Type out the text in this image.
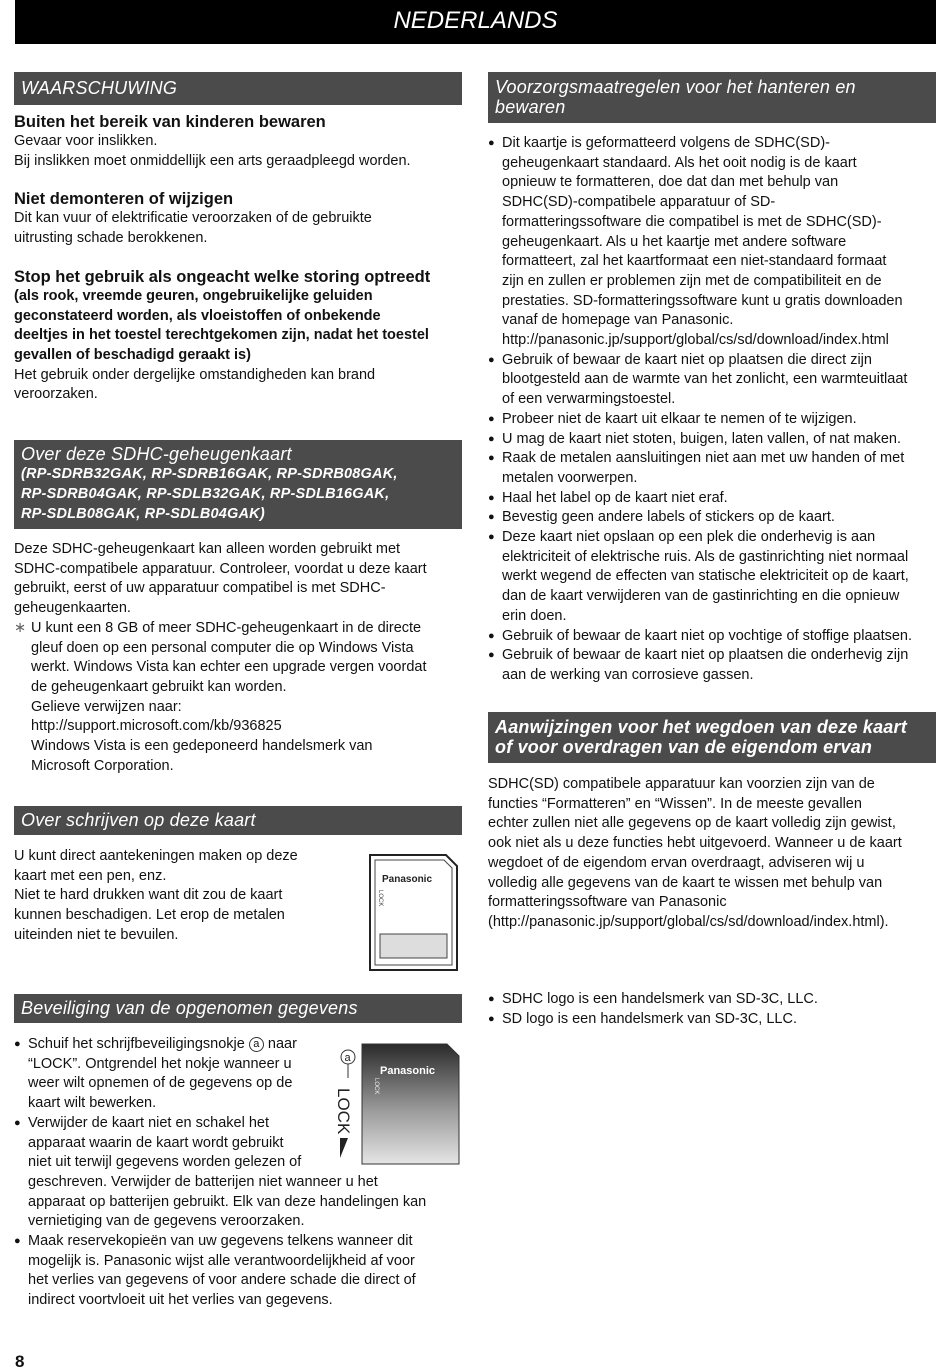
NEDERLANDS
WAARSCHUWING
Buiten het bereik van kinderen bewaren
Gevaar voor inslikken.
Bij inslikken moet onmiddellijk een arts geraadpleegd worden.
Niet demonteren of wijzigen
Dit kan vuur of elektrificatie veroorzaken of de gebruikte
uitrusting schade berokkenen.
Stop het gebruik als ongeacht welke storing optreedt
(als rook, vreemde geuren, ongebruikelijke geluiden
geconstateerd worden, als vloeistoffen of onbekende
deeltjes in het toestel terechtgekomen zijn, nadat het toestel
gevallen of beschadigd geraakt is)
Het gebruik onder dergelijke omstandigheden kan brand
veroorzaken.
Over deze SDHC-geheugenkaart
(RP-SDRB32GAK, RP-SDRB16GAK, RP-SDRB08GAK,
RP-SDRB04GAK, RP-SDLB32GAK, RP-SDLB16GAK,
RP-SDLB08GAK, RP-SDLB04GAK)
Deze SDHC-geheugenkaart kan alleen worden gebruikt met
SDHC-compatibele apparatuur. Controleer, voordat u deze kaart
gebruikt, eerst of uw apparatuur compatibel is met SDHC-
geheugenkaarten.
∗ U kunt een 8 GB of meer SDHC-geheugenkaart in de directe
gleuf doen op een personal computer die op Windows Vista
werkt. Windows Vista kan echter een upgrade vergen voordat
de geheugenkaart gebruikt kan worden.
Gelieve verwijzen naar:
http://support.microsoft.com/kb/936825
Windows Vista is een gedeponeerd handelsmerk van
Microsoft Corporation.
Over schrijven op deze kaart
U kunt direct aantekeningen maken op deze
kaart met een pen, enz.
Niet te hard drukken want dit zou de kaart
kunnen beschadigen. Let erop de metalen
uiteinden niet te bevuilen.
Panasonic
LOCK
Beveiliging van de opgenomen gegevens
● Schuif het schrijfbeveiligingsnokje a naar
“LOCK”. Ontgrendel het nokje wanneer u
weer wilt opnemen of de gegevens op de
kaart wilt bewerken.
● Verwijder de kaart niet en schakel het
apparaat waarin de kaart wordt gebruikt
niet uit terwijl gegevens worden gelezen of
geschreven. Verwijder de batterijen niet wanneer u het
apparaat op batterijen gebruikt. Elk van deze handelingen kan
vernietiging van de gegevens veroorzaken.
● Maak reservekopieën van uw gegevens telkens wanneer dit
mogelijk is. Panasonic wijst alle verantwoordelijkheid af voor
het verlies van gegevens of voor andere schade die direct of
indirect voortvloeit uit het verlies van gegevens.
Panasonic
LOCK
a
LOCK
Voorzorgsmaatregelen voor het hanteren en
bewaren
● Dit kaartje is geformatteerd volgens de SDHC(SD)-
geheugenkaart standaard. Als het ooit nodig is de kaart
opnieuw te formatteren, doe dat dan met behulp van
SDHC(SD)-compatibele apparatuur of SD-
formatteringssoftware die compatibel is met de SDHC(SD)-
geheugenkaart. Als u het kaartje met andere software
formatteert, zal het kaartformaat een niet-standaard formaat
zijn en zullen er problemen zijn met de compatibiliteit en de
prestaties. SD-formatteringssoftware kunt u gratis downloaden
vanaf de homepage van Panasonic.
http://panasonic.jp/support/global/cs/sd/download/index.html
● Gebruik of bewaar de kaart niet op plaatsen die direct zijn
blootgesteld aan de warmte van het zonlicht, een warmteuitlaat
of een verwarmingstoestel.
● Probeer niet de kaart uit elkaar te nemen of te wijzigen.
● U mag de kaart niet stoten, buigen, laten vallen, of nat maken.
● Raak de metalen aansluitingen niet aan met uw handen of met
metalen voorwerpen.
● Haal het label op de kaart niet eraf.
● Bevestig geen andere labels of stickers op de kaart.
● Deze kaart niet opslaan op een plek die onderhevig is aan
elektriciteit of elektrische ruis. Als de gastinrichting niet normaal
werkt wegend de effecten van statische elektriciteit op de kaart,
dan de kaart verwijderen van de gastinrichting en die opnieuw
erin doen.
● Gebruik of bewaar de kaart niet op vochtige of stoffige plaatsen.
● Gebruik of bewaar de kaart niet op plaatsen die onderhevig zijn
aan de werking van corrosieve gassen.
Aanwijzingen voor het wegdoen van deze kaart
of voor overdragen van de eigendom ervan
SDHC(SD) compatibele apparatuur kan voorzien zijn van de
functies “Formatteren” en “Wissen”. In de meeste gevallen
echter zullen niet alle gegevens op de kaart volledig zijn gewist,
ook niet als u deze functies hebt uitgevoerd. Wanneer u de kaart
wegdoet of de eigendom ervan overdraagt, adviseren wij u
volledig alle gegevens van de kaart te wissen met behulp van
formatteringssoftware van Panasonic
(http://panasonic.jp/support/global/cs/sd/download/index.html).
● SDHC logo is een handelsmerk van SD-3C, LLC.
● SD logo is een handelsmerk van SD-3C, LLC.
8
